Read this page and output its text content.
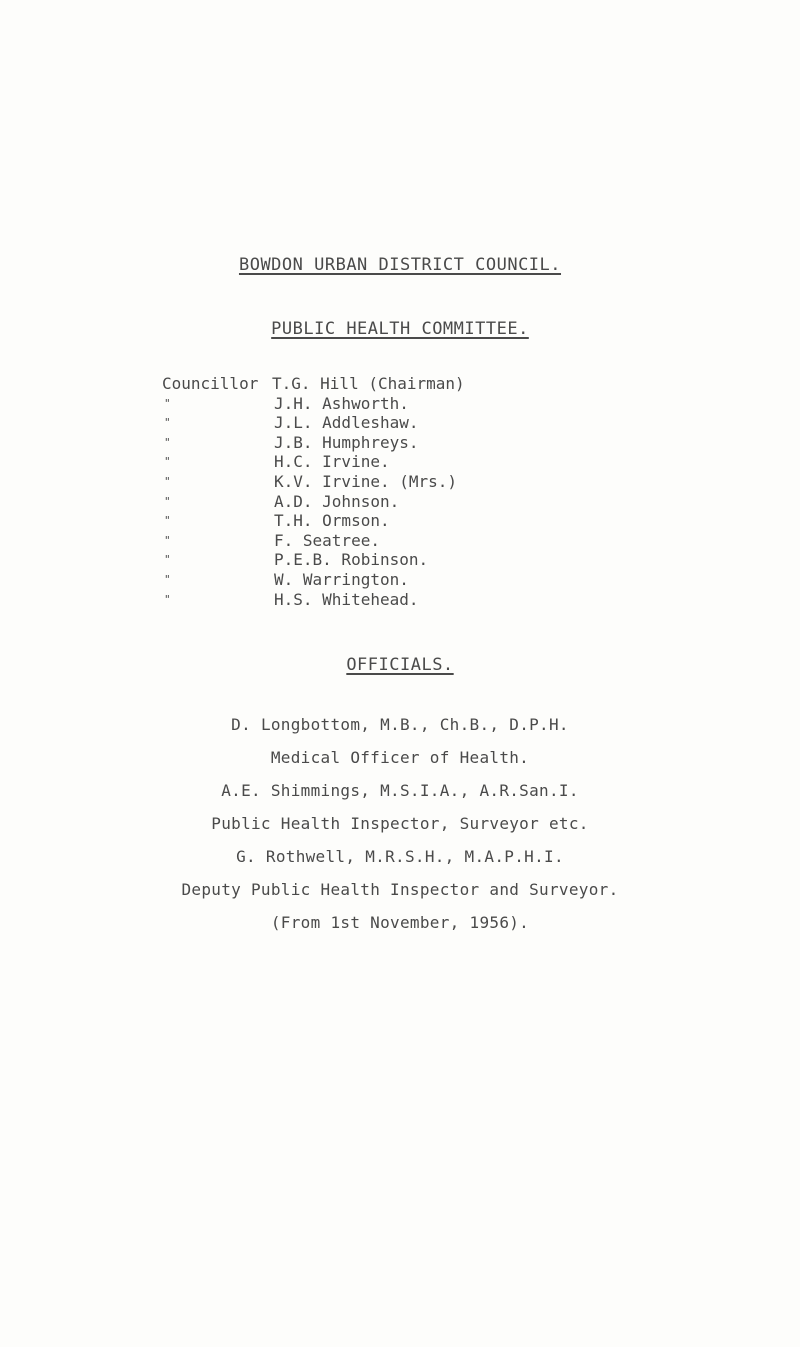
BOWDON URBAN DISTRICT COUNCIL.
PUBLIC HEALTH COMMITTEE.
Councillor T.G. Hill (Chairman)
"	J.H. Ashworth.
"	J.L. Addleshaw.
"	J.B. Humphreys.
"	H.C. Irvine.
"	K.V. Irvine. (Mrs.)
"	A.D. Johnson.
"	T.H. Ormson.
"	F. Seatree.
"	P.E.B. Robinson.
"	W. Warrington.
"	H.S. Whitehead.
OFFICIALS.
D. Longbottom, M.B., Ch.B., D.P.H.
Medical Officer of Health.
A.E. Shimmings, M.S.I.A., A.R.San.I.
Public Health Inspector, Surveyor etc.
G. Rothwell, M.R.S.H., M.A.P.H.I.
Deputy Public Health Inspector and Surveyor.
(From 1st November, 1956).
